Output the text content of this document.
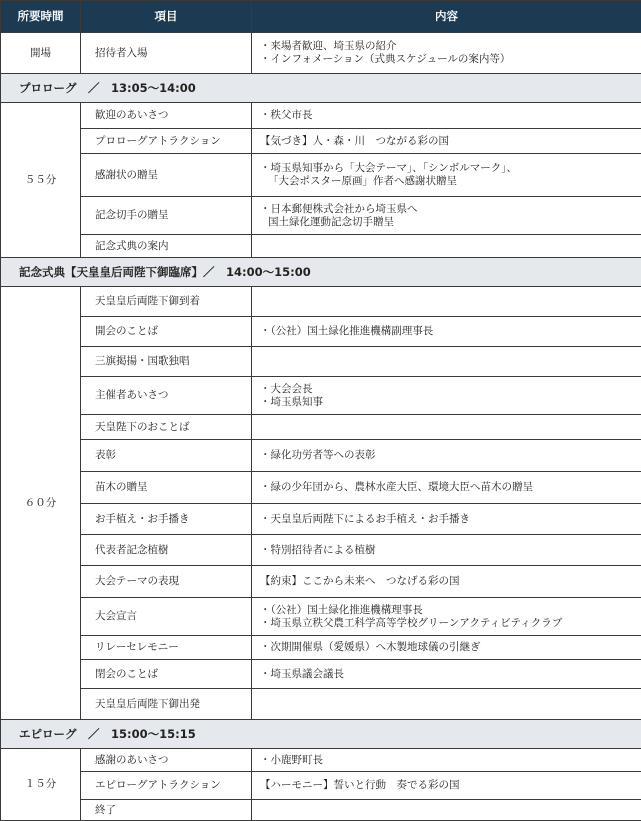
所要時間	項目	内容
開場	招待者入場	・来場者歓迎、埼玉県の紹介
・インフォメーション（式典スケジュールの案内等）

プロローグ　／　13:05〜14:00		
５５分	歓迎のあいさつ	・秩父市長

	プロローグアトラクション	【気づき】人・森・川　つながる彩の国

	感謝状の贈呈	・埼玉県知事から「大会テーマ」、「シンボルマーク」、
「大会ポスター原画」作者へ感謝状贈呈

	記念切手の贈呈	・日本郵便株式会社から埼玉県へ
国土緑化運動記念切手贈呈

	記念式典の案内	
記念式典【天皇皇后両陛下御臨席】／　14:00〜15:00		
６０分	天皇皇后両陛下御到着	
	開会のことば	・（公社）国土緑化推進機構副理事長

	三旗掲揚・国歌独唱	
	主催者あいさつ	・大会会長
・埼玉県知事

	天皇陛下のおことば	
	表彰	・緑化功労者等への表彰

	苗木の贈呈	・緑の少年団から、農林水産大臣、環境大臣へ苗木の贈呈

	お手植え・お手播き	・天皇皇后両陛下によるお手植え・お手播き

	代表者記念植樹	・特別招待者による植樹

	大会テーマの表現	【約束】ここから未来へ　つなげる彩の国

	大会宣言	・（公社）国土緑化推進機構理事長
・埼玉県立秩父農工科学高等学校グリーンアクティビティクラブ

	リレーセレモニー	・次期開催県（愛媛県）へ木製地球儀の引継ぎ

	閉会のことば	・埼玉県議会議長

	天皇皇后両陛下御出発	
エピローグ　／　15:00〜15:15		
１５分	感謝のあいさつ	・小鹿野町長

	エピローグアトラクション	【ハーモニー】誓いと行動　奏でる彩の国

	終了	
